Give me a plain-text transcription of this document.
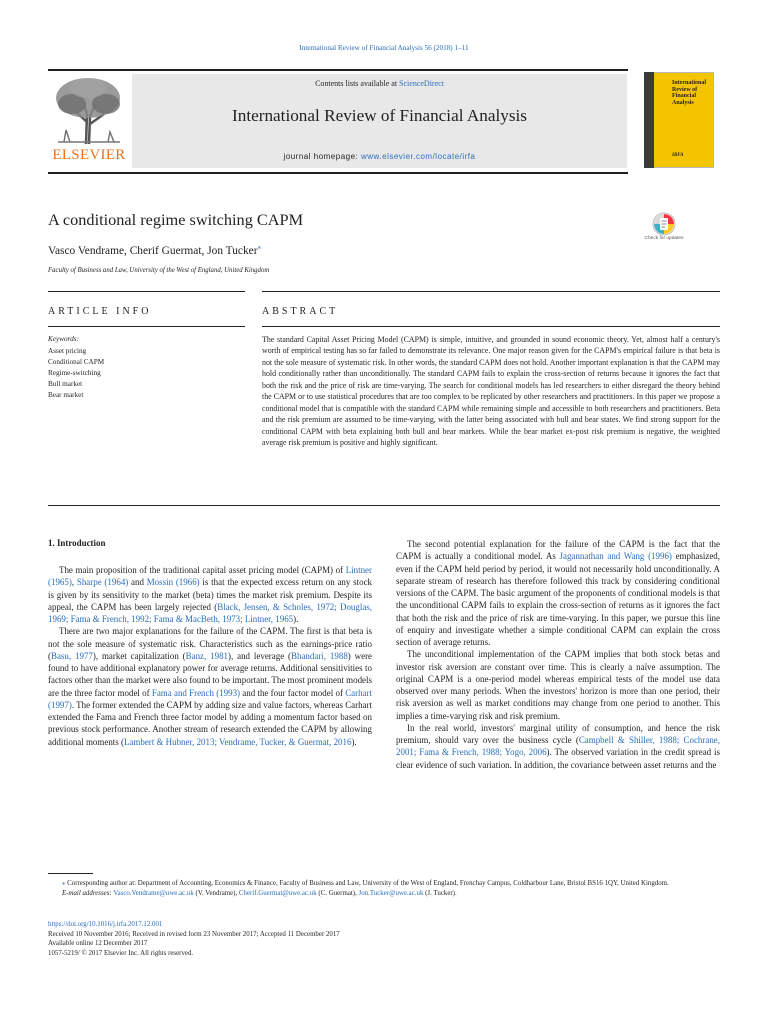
International Review of Financial Analysis 56 (2018) 1–11
ELSEVIER
Contents lists available at ScienceDirect
International Review of Financial Analysis
journal homepage: www.elsevier.com/locate/irfa
International Review of Financial Analysis
IRFA
A conditional regime switching CAPM
Vasco Vendrame, Cherif Guermat, Jon Tucker⁎
Faculty of Business and Law, University of the West of England, United Kingdom
Check for updates
ARTICLE INFO	ABSTRACT
Keywords:
Asset pricing
Conditional CAPM
Regime-switching
Bull market
Bear market
The standard Capital Asset Pricing Model (CAPM) is simple, intuitive, and grounded in sound economic theory. Yet, almost half a century's worth of empirical testing has so far failed to demonstrate its relevance. One major reason given for the CAPM's empirical failure is that beta is not the sole measure of systematic risk. In other words, the standard CAPM does not hold. Another important explanation is that the CAPM may hold conditionally rather than unconditionally. The standard CAPM fails to explain the cross-section of returns because it ignores the fact that both the risk and the price of risk are time-varying. The search for conditional models has led researchers to either disregard the theory behind the CAPM or to use statistical procedures that are too complex to be replicated by other researchers and practitioners. In this paper we propose a conditional model that is compatible with the standard CAPM while remaining simple and accessible to both researchers and practitioners. Beta and the risk premium are assumed to be time-varying, with the latter being associated with bull and bear states. We find strong support for the conditional CAPM with beta explaining both bull and bear markets. While the bear market ex-post risk premium is negative, the weighted average risk premium is positive and highly significant.
1. Introduction

The main proposition of the traditional capital asset pricing model (CAPM) of Lintner (1965), Sharpe (1964) and Mossin (1966) is that the expected excess return on any stock is given by its sensitivity to the market (beta) times the market risk premium. Despite its appeal, the CAPM has been largely rejected (Black, Jensen, & Scholes, 1972; Douglas, 1969; Fama & French, 1992; Fama & MacBeth, 1973; Lintner, 1965).

There are two major explanations for the failure of the CAPM. The first is that beta is not the sole measure of systematic risk. Characteristics such as the earnings-price ratio (Basu, 1977), market capitalization (Banz, 1981), and leverage (Bhandari, 1988) were found to have additional explanatory power for average returns. Additional sensitivities to factors other than the market were also found to be important. The most prominent models are the three factor model of Fama and French (1993) and the four factor model of Carhart (1997). The former extended the CAPM by adding size and value factors, whereas Carhart extended the Fama and French three factor model by adding a momentum factor based on previous stock performance. Another stream of research extended the CAPM by allowing additional moments (Lambert & Hubner, 2013; Vendrame, Tucker, & Guermat, 2016).

The second potential explanation for the failure of the CAPM is the fact that the CAPM is actually a conditional model. As Jagannathan and Wang (1996) emphasized, even if the CAPM held period by period, it would not necessarily hold unconditionally. A separate stream of research has therefore followed this track by considering conditional versions of the CAPM. The basic argument of the proponents of conditional models is that the unconditional CAPM fails to explain the cross-section of returns as it ignores the fact that both the risk and the price of risk are time-varying. In this paper, we pursue this line of enquiry and investigate whether a simple conditional CAPM can explain the cross section of average returns.

The unconditional implementation of the CAPM implies that both stock betas and investor risk aversion are constant over time. This is clearly a naïve assumption. The original CAPM is a one-period model whereas empirical tests of the model use data observed over many periods. When the investors' horizon is more than one period, their risk aversion as well as market conditions may change from one period to another. This implies a time-varying risk and risk premium.

In the real world, investors' marginal utility of consumption, and hence the risk premium, should vary over the business cycle (Campbell & Shiller, 1988; Cochrane, 2001; Fama & French, 1988; Yogo, 2006). The observed variation in the credit spread is clear evidence of such variation. In addition, the covariance between asset returns and the

⁎ Corresponding author at: Department of Accounting, Economics & Finance, Faculty of Business and Law, University of the West of England, Frenchay Campus, Coldharbour Lane, Bristol BS16 1QY, United Kingdom.
E-mail addresses: Vasco.Vendrame@uwe.ac.uk (V. Vendrame), Cherif.Guermat@uwe.ac.uk (C. Guermat), Jon.Tucker@uwe.ac.uk (J. Tucker).
https://doi.org/10.1016/j.irfa.2017.12.001
Received 10 November 2016; Received in revised form 23 November 2017; Accepted 11 December 2017
Available online 12 December 2017
1057-5219/ © 2017 Elsevier Inc. All rights reserved.
